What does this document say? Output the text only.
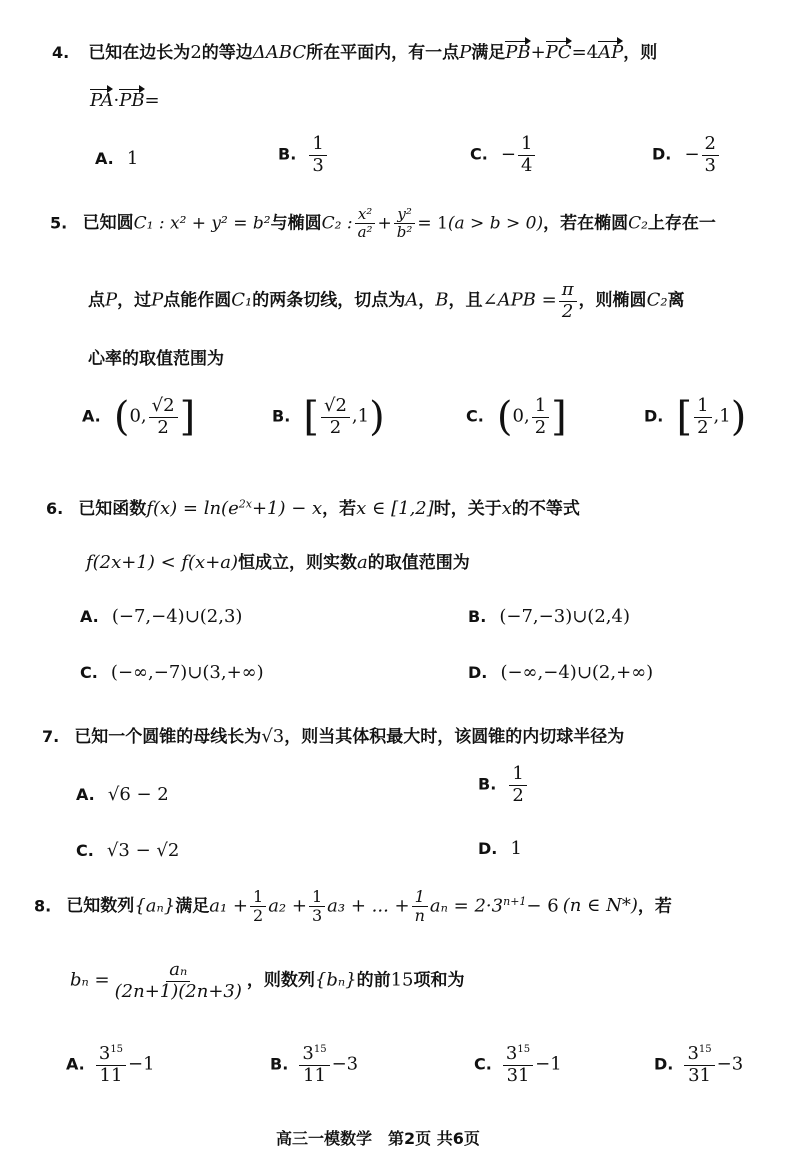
4. 已知在边长为2的等边ΔABC所在平面内，有一点P满足PB+PC=4AP，则
PA·PB=
A. 1	B. $\frac{1}{3}$	C. − $\frac{1}{4}$	D. − $\frac{2}{3}$
5. 已知圆C₁ : x² + y² = b²与椭圆C₂ : $\frac{\text{x²}}{\text{a²}} + \frac{\text{y²}}{\text{b²}} = 1(a > b > 0)$，若在椭圆C₂上存在一
点P，过P点能作圆C₁的两条切线，切点为A，B，且∠APB = $\frac{\pi}{2}$ ，则椭圆C₂离
心率的取值范围为
A. (0, $\frac{√2}{2}$ ]	B. [ $\frac{√2}{2} ,1$)	C. (0, $\frac{1}{2}$ ]	D. [ $\frac{1}{2} ,1$)
6. 已知函数$f(x) = \ln(e^{2x}+1) - x$，若x ∈ [1,2]时，关于x的不等式
f(2x+1) < f(x+a)恒成立，则实数a的取值范围为
A. (−7,−4)∪(2,3)	B. (−7,−3)∪(2,4)
C. (−∞,−7)∪(3,+∞)	D. (−∞,−4)∪(2,+∞)
7. 已知一个圆锥的母线长为√3，则当其体积最大时，该圆锥的内切球半径为
A. √6 − 2	B. $\frac{1}{2}$
C. √3 − √2	D. 1
8. 已知数列{aₙ}满足$a_1 + \frac{1}{2} a_2 + \frac{1}{3} a_3$ + ... + $\frac{1}{n}$ $a_n = 2\cdot 3^{n+1}- 6$ (n ∈ N*)，若
$b_n = \frac{\text{aₙ}}{(2n+1)(2n+3)}$ ，则数列{bₙ}的前15项和为
A. $\frac{3^{15}}{11} -1$	B. $\frac{3^{15}}{11} -3$	C. $\frac{3^{15}}{31} -1$	D. $\frac{3^{15}}{31} -3$
高三一模数学　第2页 共6页
